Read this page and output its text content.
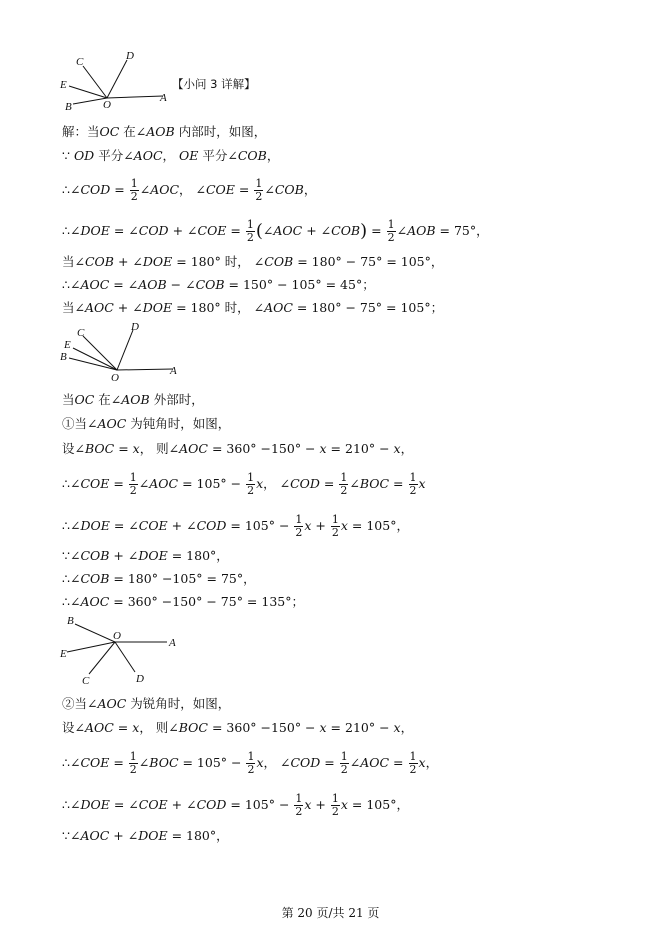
C	D
E
B	O
A
【小问 3 详解】
解：当OC 在∠AOB 内部时，如图，
∵ OD 平分∠AOC， OE 平分∠COB，
∴∠COD = $\frac{1}{2}$ ∠AOC， ∠COE = $\frac{1}{2}$ ∠COB，
∴∠DOE = ∠COD + ∠COE = $\frac{1}{2}$ (∠AOC + ∠COB) = $\frac{1}{2}$ ∠AOB = 75°，
当∠COB + ∠DOE = 180° 时， ∠COB = 180° − 75° = 105°，
∴∠AOC = ∠AOB − ∠COB = 150° − 105° = 45°；
当∠AOC + ∠DOE = 180° 时， ∠AOC = 180° − 75° = 105°；
C	D
E
B
O
A
当OC 在∠AOB 外部时，
①当∠AOC 为钝角时，如图，
设∠BOC = x， 则∠AOC = 360° −150° − x = 210° − x，
∴∠COE = $\frac{1}{2}$ ∠AOC = $105^\circ - \frac{1}{2}$ x， ∠COD = $\frac{1}{2}$ ∠BOC = $\frac{1}{2}$ x
∴∠DOE = ∠COE + ∠COD = $105^\circ - \frac{1}{2}$ $x + \frac{1}{2}$ x = 105°，
∵∠COB + ∠DOE = 180°，
∴∠COB = 180° −105° = 75°，
∴∠AOC = 360° −150° − 75° = 135°；
B
O
A
E
C	D
②当∠AOC 为锐角时，如图，
设∠AOC = x， 则∠BOC = 360° −150° − x = 210° − x，
∴∠COE = $\frac{1}{2}$ ∠BOC = $105^\circ - \frac{1}{2}$ x， ∠COD = $\frac{1}{2}$ ∠AOC = $\frac{1}{2}$ x，
∴∠DOE = ∠COE + ∠COD = $105^\circ - \frac{1}{2}$ $x + \frac{1}{2}$ x = 105°，
∵∠AOC + ∠DOE = 180°，
第 20 页/共 21 页
